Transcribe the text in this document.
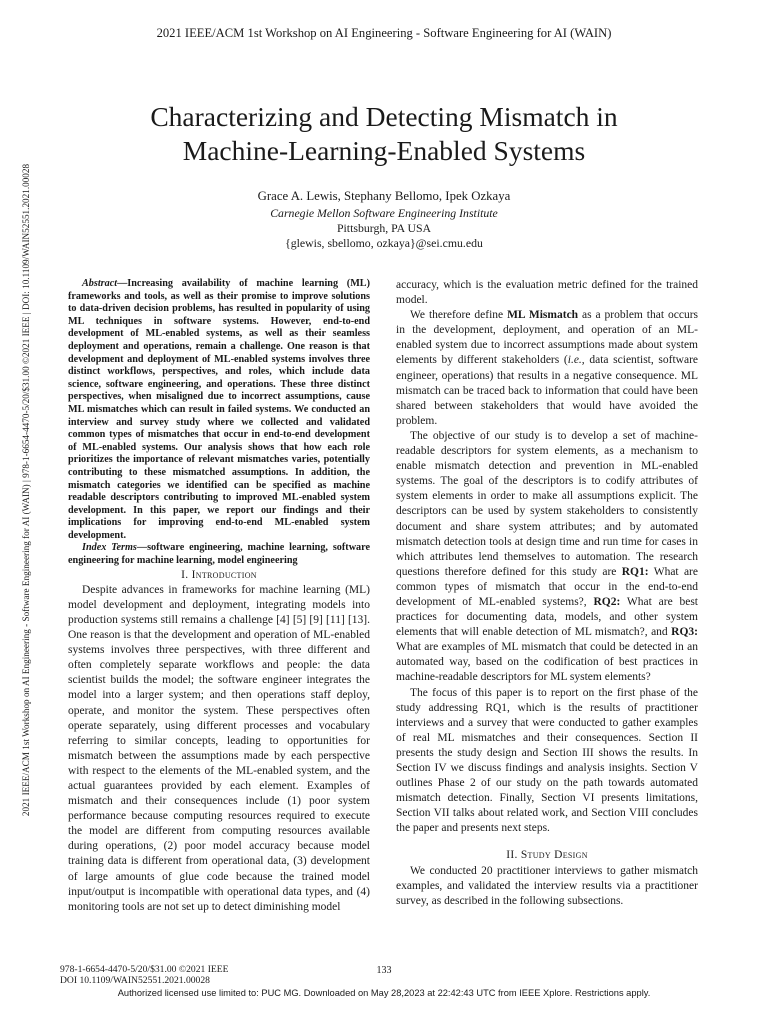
2021 IEEE/ACM 1st Workshop on AI Engineering - Software Engineering for AI (WAIN)
2021 IEEE/ACM 1st Workshop on AI Engineering - Software Engineering for AI (WAIN) | 978-1-6654-4470-5/20/$31.00 ©2021 IEEE | DOI: 10.1109/WAIN52551.2021.00028
Characterizing and Detecting Mismatch in
Machine-Learning-Enabled Systems
Grace A. Lewis, Stephany Bellomo, Ipek Ozkaya
Carnegie Mellon Software Engineering Institute
Pittsburgh, PA USA
{glewis, sbellomo, ozkaya}@sei.cmu.edu

Abstract—Increasing availability of machine learning (ML) frameworks and tools, as well as their promise to improve solutions to data-driven decision problems, has resulted in popularity of using ML techniques in software systems. However, end-to-end development of ML-enabled systems, as well as their seamless deployment and operations, remain a challenge. One reason is that development and deployment of ML-enabled systems involves three distinct workflows, perspectives, and roles, which include data science, software engineering, and operations. These three distinct perspectives, when misaligned due to incorrect assumptions, cause ML mismatches which can result in failed systems. We conducted an interview and survey study where we collected and validated common types of mismatches that occur in end-to-end development of ML-enabled systems. Our analysis shows that how each role prioritizes the importance of relevant mismatches varies, potentially contributing to these mismatched assumptions. In addition, the mismatch categories we identified can be specified as machine readable descriptors contributing to improved ML-enabled system development. In this paper, we report our findings and their implications for improving end-to-end ML-enabled system development.

Index Terms—software engineering, machine learning, software engineering for machine learning, model engineering

I. Introduction

Despite advances in frameworks for machine learning (ML) model development and deployment, integrating models into production systems still remains a challenge [4] [5] [9] [11] [13]. One reason is that the development and operation of ML-enabled systems involves three perspectives, with three different and often completely separate workflows and people: the data scientist builds the model; the software engineer integrates the model into a larger system; and then operations staff deploy, operate, and monitor the system. These perspectives often operate separately, using different processes and vocabulary referring to similar concepts, leading to opportunities for mismatch between the assumptions made by each perspective with respect to the elements of the ML-enabled system, and the actual guarantees provided by each element. Examples of mismatch and their consequences include (1) poor system performance because computing resources required to execute the model are different from computing resources available during operations, (2) poor model accuracy because model training data is different from operational data, (3) development of large amounts of glue code because the trained model input/output is incompatible with operational data types, and (4) monitoring tools are not set up to detect diminishing model

accuracy, which is the evaluation metric defined for the trained model.

We therefore define ML Mismatch as a problem that occurs in the development, deployment, and operation of an ML-enabled system due to incorrect assumptions made about system elements by different stakeholders (i.e., data scientist, software engineer, operations) that results in a negative consequence. ML mismatch can be traced back to information that could have been shared between stakeholders that would have avoided the problem.

The objective of our study is to develop a set of machine-readable descriptors for system elements, as a mechanism to enable mismatch detection and prevention in ML-enabled systems. The goal of the descriptors is to codify attributes of system elements in order to make all assumptions explicit. The descriptors can be used by system stakeholders to consistently document and share system attributes; and by automated mismatch detection tools at design time and run time for cases in which attributes lend themselves to automation. The research questions therefore defined for this study are RQ1: What are common types of mismatch that occur in the end-to-end development of ML-enabled systems?, RQ2: What are best practices for documenting data, models, and other system elements that will enable detection of ML mismatch?, and RQ3: What are examples of ML mismatch that could be detected in an automated way, based on the codification of best practices in machine-readable descriptors for ML system elements?

The focus of this paper is to report on the first phase of the study addressing RQ1, which is the results of practitioner interviews and a survey that were conducted to gather examples of real ML mismatches and their consequences. Section II presents the study design and Section III shows the results. In Section IV we discuss findings and analysis insights. Section V outlines Phase 2 of our study on the path towards automated mismatch detection. Finally, Section VI presents limitations, Section VII talks about related work, and Section VIII concludes the paper and presents next steps.

II. Study Design

We conducted 20 practitioner interviews to gather mismatch examples, and validated the interview results via a practitioner survey, as described in the following subsections.

978-1-6654-4470-5/20/$31.00 ©2021 IEEE
DOI 10.1109/WAIN52551.2021.00028
133
Authorized licensed use limited to: PUC MG. Downloaded on May 28,2023 at 22:42:43 UTC from IEEE Xplore. Restrictions apply.
